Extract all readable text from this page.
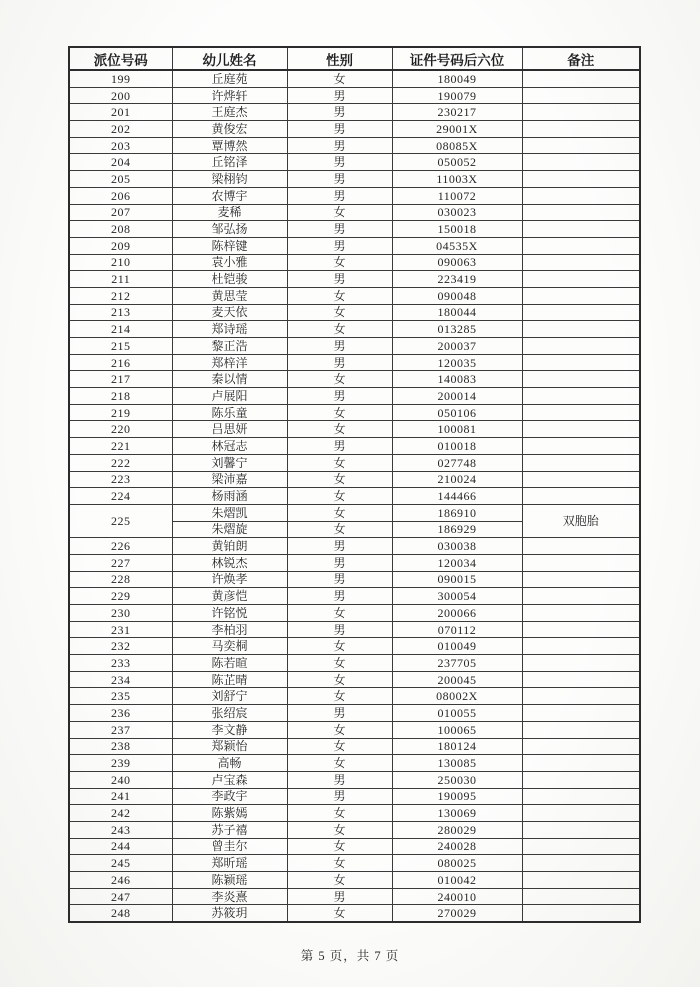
派位号码	幼儿姓名	性别	证件号码后六位	备注
199	丘庭苑	女	180049	
200	许烨轩	男	190079	
201	王庭杰	男	230217	
202	黄俊宏	男	29001X	
203	覃博然	男	08085X	
204	丘铭泽	男	050052	
205	梁栩钧	男	11003X	
206	农博宇	男	110072	
207	麦稀	女	030023	
208	邹弘扬	男	150018	
209	陈梓键	男	04535X	
210	袁小雅	女	090063	
211	杜铠骏	男	223419	
212	黄思莹	女	090048	
213	麦天依	女	180044	
214	郑诗瑶	女	013285	
215	黎正浩	男	200037	
216	郑梓洋	男	120035	
217	秦以情	女	140083	
218	卢展阳	男	200014	
219	陈乐童	女	050106	
220	吕思妍	女	100081	
221	林冠志	男	010018	
222	刘馨宁	女	027748	
223	梁沛嘉	女	210024	
224	杨雨涵	女	144466	
225	朱熠凯	女	186910	双胞胎
	朱熠旋	女	186929	
226	黄铂朗	男	030038	
227	林锐杰	男	120034	
228	许焕孝	男	090015	
229	黄彦恺	男	300054	
230	许铭悦	女	200066	
231	李柏羽	男	070112	
232	马奕桐	女	010049	
233	陈若暄	女	237705	
234	陈芷晴	女	200045	
235	刘舒宁	女	08002X	
236	张绍宸	男	010055	
237	李文静	女	100065	
238	郑颖怡	女	180124	
239	高畅	女	130085	
240	卢宝森	男	250030	
241	李政宇	男	190095	
242	陈紫嫣	女	130069	
243	苏子禧	女	280029	
244	曾圭尔	女	240028	
245	郑昕瑶	女	080025	
246	陈颖瑶	女	010042	
247	李炎熹	男	240010	
248	苏筱玥	女	270029	
第 5 页，共 7 页
